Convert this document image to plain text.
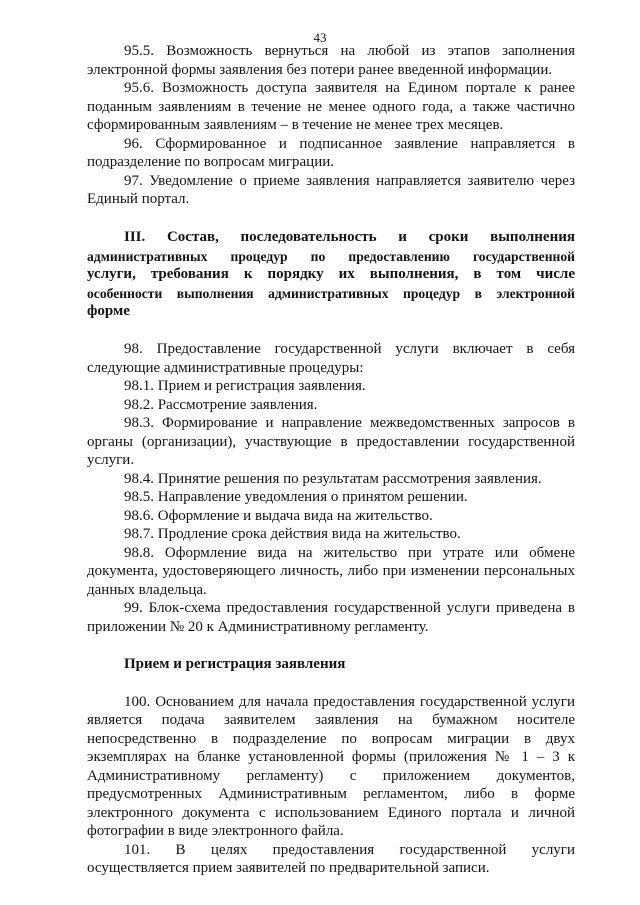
43
95.5. Возможность вернуться на любой из этапов заполнения
электронной формы заявления без потери ранее введенной информации.
95.6. Возможность доступа заявителя на Едином портале к ранее
поданным заявлениям в течение не менее одного года, а также частично
сформированным заявлениям – в течение не менее трех месяцев.
96. Сформированное и подписанное заявление направляется в
подразделение по вопросам миграции.
97. Уведомление о приеме заявления направляется заявителю через
Единый портал.
III. Состав, последовательность и сроки выполнения
административных процедур по предоставлению государственной
услуги, требования к порядку их выполнения, в том числе
особенности выполнения административных процедур в электронной
форме
98. Предоставление государственной услуги включает в себя
следующие административные процедуры:
98.1. Прием и регистрация заявления.
98.2. Рассмотрение заявления.
98.3. Формирование и направление межведомственных запросов в
органы (организации), участвующие в предоставлении государственной
услуги.
98.4. Принятие решения по результатам рассмотрения заявления.
98.5. Направление уведомления о принятом решении.
98.6. Оформление и выдача вида на жительство.
98.7. Продление срока действия вида на жительство.
98.8. Оформление вида на жительство при утрате или обмене
документа, удостоверяющего личность, либо при изменении персональных
данных владельца.
99. Блок-схема предоставления государственной услуги приведена в
приложении № 20 к Административному регламенту.
Прием и регистрация заявления
100. Основанием для начала предоставления государственной услуги
является подача заявителем заявления на бумажном носителе
непосредственно в подразделение по вопросам миграции в двух
экземплярах на бланке установленной формы (приложения № 1 – 3 к
Административному регламенту) с приложением документов,
предусмотренных Административным регламентом, либо в форме
электронного документа с использованием Единого портала и личной
фотографии в виде электронного файла.
101. В целях предоставления государственной услуги
осуществляется прием заявителей по предварительной записи.
